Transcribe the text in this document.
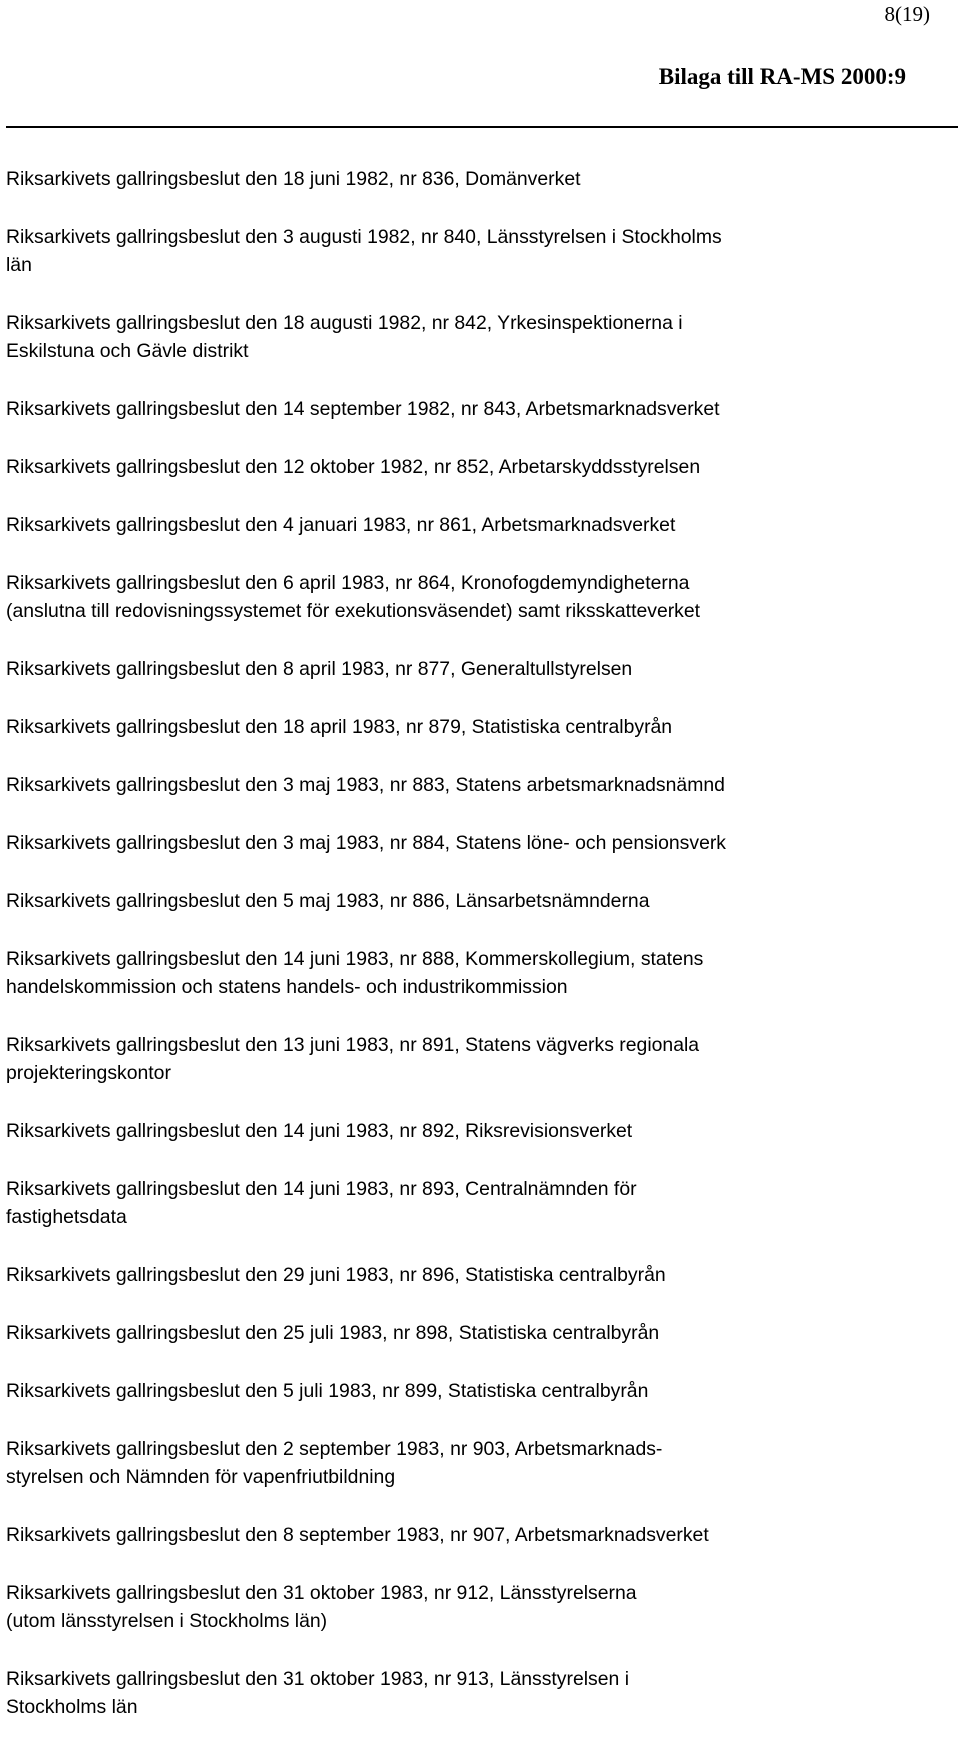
8(19)
Bilaga till RA-MS 2000:9
Riksarkivets gallringsbeslut den 18 juni 1982, nr 836, Domänverket
Riksarkivets gallringsbeslut den 3 augusti 1982, nr 840, Länsstyrelsen i Stockholms
län
Riksarkivets gallringsbeslut den 18 augusti 1982, nr 842, Yrkesinspektionerna i
Eskilstuna och Gävle distrikt
Riksarkivets gallringsbeslut den 14 september 1982, nr 843, Arbetsmarknadsverket
Riksarkivets gallringsbeslut den 12 oktober 1982, nr 852, Arbetarskyddsstyrelsen
Riksarkivets gallringsbeslut den 4 januari 1983, nr 861, Arbetsmarknadsverket
Riksarkivets gallringsbeslut den 6 april 1983, nr 864, Kronofogdemyndigheterna
(anslutna till redovisningssystemet för exekutionsväsendet) samt riksskatteverket
Riksarkivets gallringsbeslut den 8 april 1983, nr 877, Generaltullstyrelsen
Riksarkivets gallringsbeslut den 18 april 1983, nr 879, Statistiska centralbyrån
Riksarkivets gallringsbeslut den 3 maj 1983, nr 883, Statens arbetsmarknadsnämnd
Riksarkivets gallringsbeslut den 3 maj 1983, nr 884, Statens löne- och pensionsverk
Riksarkivets gallringsbeslut den 5 maj 1983, nr 886, Länsarbetsnämnderna
Riksarkivets gallringsbeslut den 14 juni 1983, nr 888, Kommerskollegium, statens
handelskommission och statens handels- och industrikommission
Riksarkivets gallringsbeslut den 13 juni 1983, nr 891, Statens vägverks regionala
projekteringskontor
Riksarkivets gallringsbeslut den 14 juni 1983, nr 892, Riksrevisionsverket
Riksarkivets gallringsbeslut den 14 juni 1983, nr 893, Centralnämnden för
fastighetsdata
Riksarkivets gallringsbeslut den 29 juni 1983, nr 896, Statistiska centralbyrån
Riksarkivets gallringsbeslut den 25 juli 1983, nr 898, Statistiska centralbyrån
Riksarkivets gallringsbeslut den 5 juli 1983, nr 899, Statistiska centralbyrån
Riksarkivets gallringsbeslut den 2 september 1983, nr 903, Arbetsmarknads-
styrelsen och Nämnden för vapenfriutbildning
Riksarkivets gallringsbeslut den 8 september 1983, nr 907, Arbetsmarknadsverket
Riksarkivets gallringsbeslut den 31 oktober 1983, nr 912, Länsstyrelserna
(utom länsstyrelsen i Stockholms län)
Riksarkivets gallringsbeslut den 31 oktober 1983, nr 913, Länsstyrelsen i
Stockholms län
